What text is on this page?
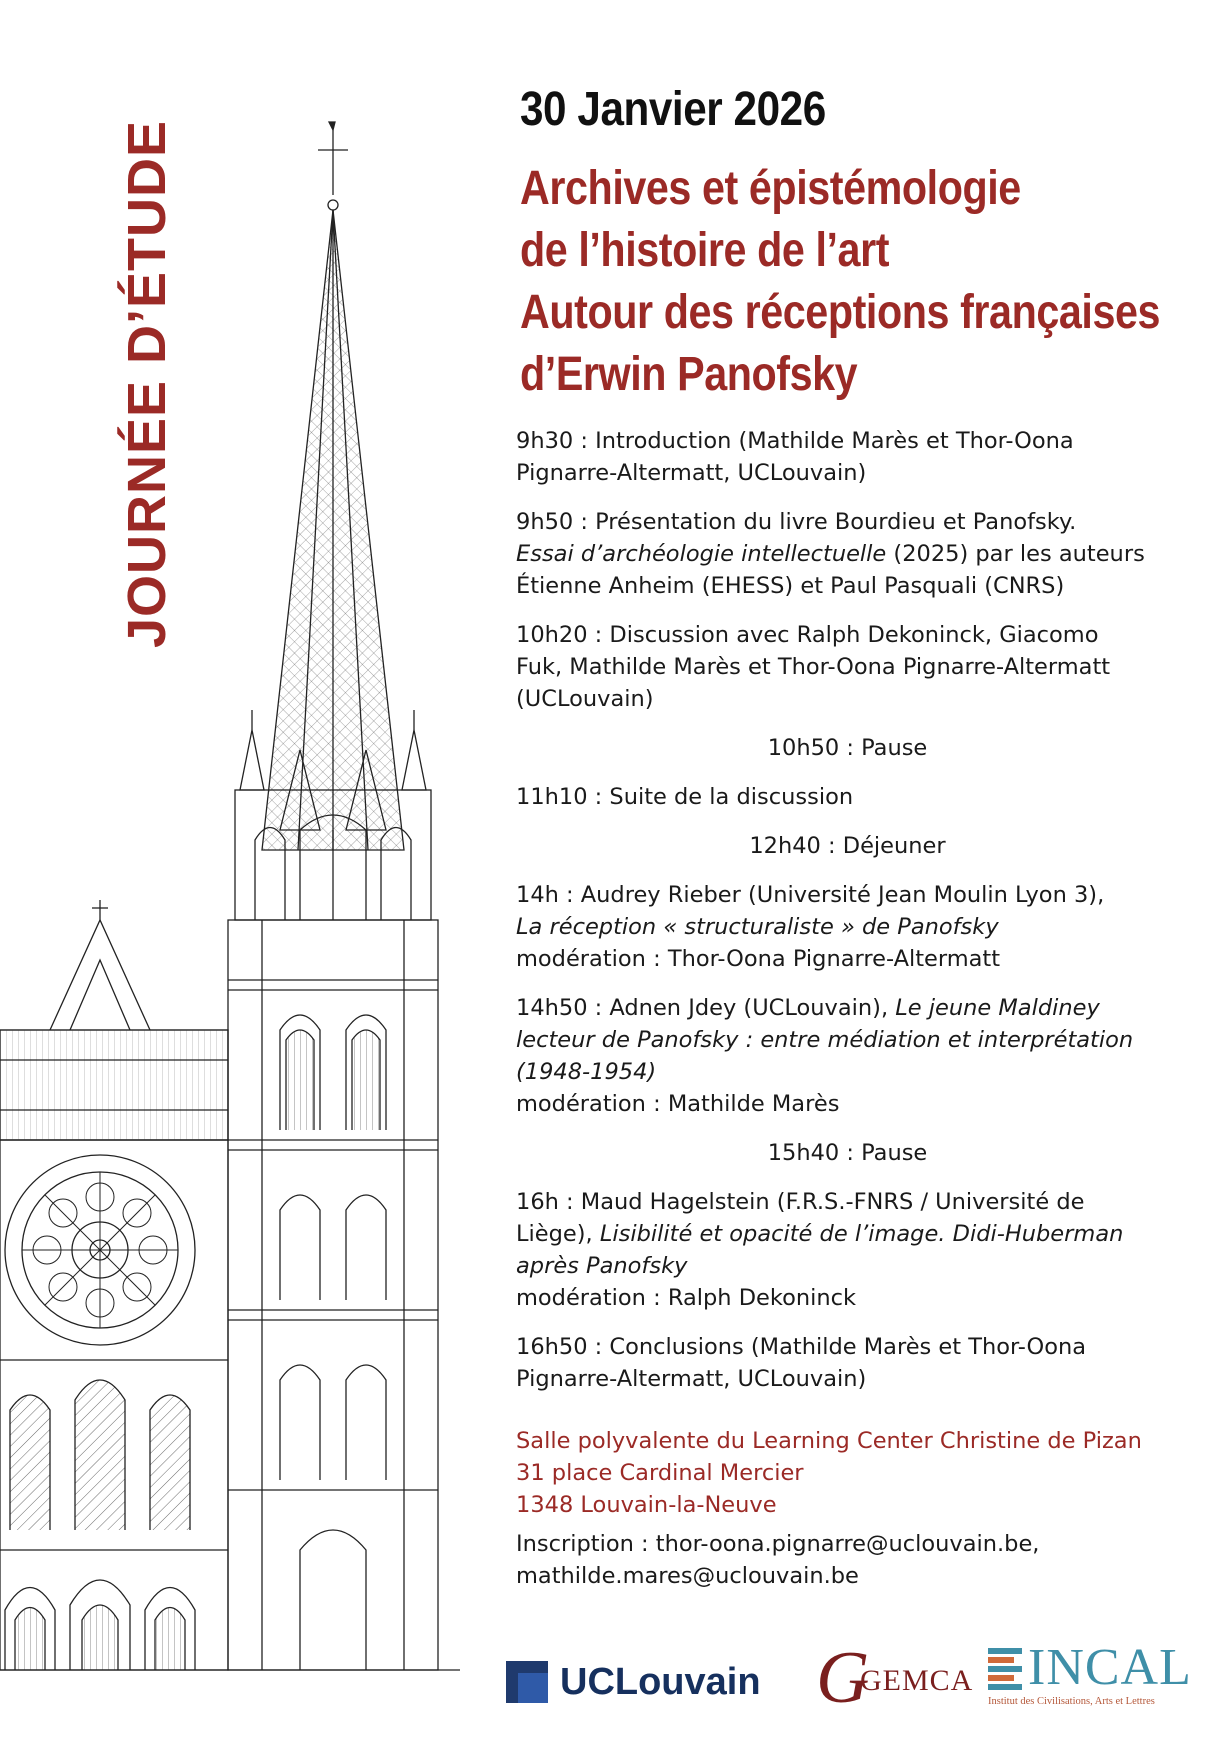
JOURNÉE D’ÉTUDE
30 Janvier 2026
Archives et épistémologie
de l’histoire de l’art
Autour des réceptions françaises
d’Erwin Panofsky
9h30 : Introduction (Mathilde Marès et Thor-Oona
Pignarre-Altermatt, UCLouvain)
9h50 : Présentation du livre Bourdieu et Panofsky.
Essai d’archéologie intellectuelle (2025) par les auteurs
Étienne Anheim (EHESS) et Paul Pasquali (CNRS)
10h20 : Discussion avec Ralph Dekoninck, Giacomo
Fuk, Mathilde Marès et Thor-Oona Pignarre-Altermatt
(UCLouvain)
10h50 : Pause
11h10 : Suite de la discussion
12h40 : Déjeuner
14h : Audrey Rieber (Université Jean Moulin Lyon 3),
La réception « structuraliste » de Panofsky
modération : Thor-Oona Pignarre-Altermatt
14h50 : Adnen Jdey (UCLouvain), Le jeune Maldiney
lecteur de Panofsky : entre médiation et interprétation
(1948-1954)
modération : Mathilde Marès
15h40 : Pause
16h : Maud Hagelstein (F.R.S.-FNRS / Université de
Liège), Lisibilité et opacité de l’image. Didi-Huberman
après Panofsky
modération : Ralph Dekoninck
16h50 : Conclusions (Mathilde Marès et Thor-Oona
Pignarre-Altermatt, UCLouvain)
Salle polyvalente du Learning Center Christine de Pizan
31 place Cardinal Mercier
1348 Louvain-la-Neuve
Inscription : thor-oona.pignarre@uclouvain.be,
mathilde.mares@uclouvain.be
UCLouvain G
GEMCA INCAL
Institut des Civilisations, Arts et Lettres
